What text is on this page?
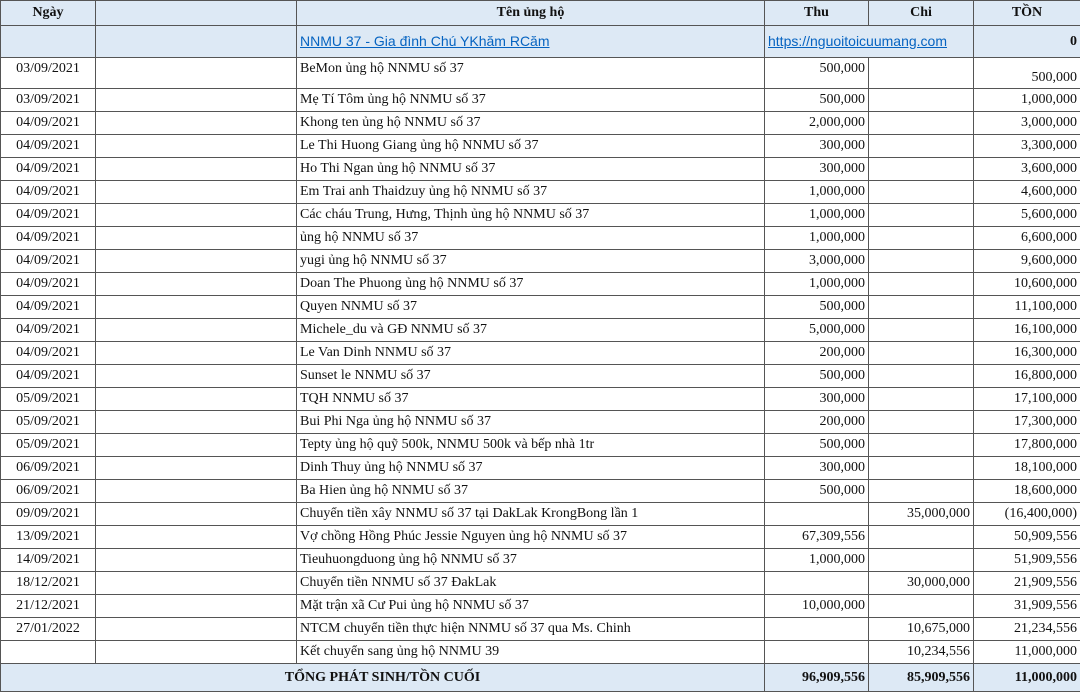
Ngày		Tên ủng hộ	Thu	Chi	TỒN
		NNMU 37 - Gia đình Chú YKhăm RCăm	https://nguoitoicuumang.com		0
03/09/2021		BeMon ủng hộ NNMU số 37	500,000		500,000
03/09/2021		Mẹ Tí Tôm ủng hộ NNMU số 37	500,000		1,000,000
04/09/2021		Khong ten ủng hộ NNMU số 37	2,000,000		3,000,000
04/09/2021		Le Thi Huong Giang ủng hộ NNMU số 37	300,000		3,300,000
04/09/2021		Ho Thi Ngan ủng hộ NNMU số 37	300,000		3,600,000
04/09/2021		Em Trai anh Thaidzuy ủng hộ NNMU số 37	1,000,000		4,600,000
04/09/2021		Các cháu Trung, Hưng, Thịnh ủng hộ NNMU số 37	1,000,000		5,600,000
04/09/2021		ủng hộ NNMU số 37	1,000,000		6,600,000
04/09/2021		yugi ủng hộ NNMU số 37	3,000,000		9,600,000
04/09/2021		Doan The Phuong ủng hộ NNMU số 37	1,000,000		10,600,000
04/09/2021		Quyen NNMU số 37	500,000		11,100,000
04/09/2021		Michele_du và GĐ NNMU số 37	5,000,000		16,100,000
04/09/2021		Le Van Dinh NNMU số 37	200,000		16,300,000
04/09/2021		Sunset le NNMU số 37	500,000		16,800,000
05/09/2021		TQH NNMU số 37	300,000		17,100,000
05/09/2021		Bui Phi Nga ủng hộ NNMU số 37	200,000		17,300,000
05/09/2021		Tepty ủng hộ quỹ 500k, NNMU 500k và bếp nhà 1tr	500,000		17,800,000
06/09/2021		Dinh Thuy ủng hộ NNMU số 37	300,000		18,100,000
06/09/2021		Ba Hien ủng hộ NNMU số 37	500,000		18,600,000
09/09/2021		Chuyển tiền xây NNMU số 37 tại DakLak KrongBong lần 1		35,000,000	(16,400,000)
13/09/2021		Vợ chồng Hồng Phúc Jessie Nguyen ủng hộ NNMU số 37	67,309,556		50,909,556
14/09/2021		Tieuhuongduong ủng hộ NNMU số 37	1,000,000		51,909,556
18/12/2021		Chuyển tiền NNMU số 37 ĐakLak		30,000,000	21,909,556
21/12/2021		Mặt trận xã Cư Pui ủng hộ NNMU số 37	10,000,000		31,909,556
27/01/2022		NTCM chuyển tiền thực hiện NNMU số 37 qua Ms. Chinh		10,675,000	21,234,556
		Kết chuyển sang ủng hộ NNMU 39		10,234,556	11,000,000
TỔNG PHÁT SINH/TỒN CUỐI			96,909,556	85,909,556	11,000,000
